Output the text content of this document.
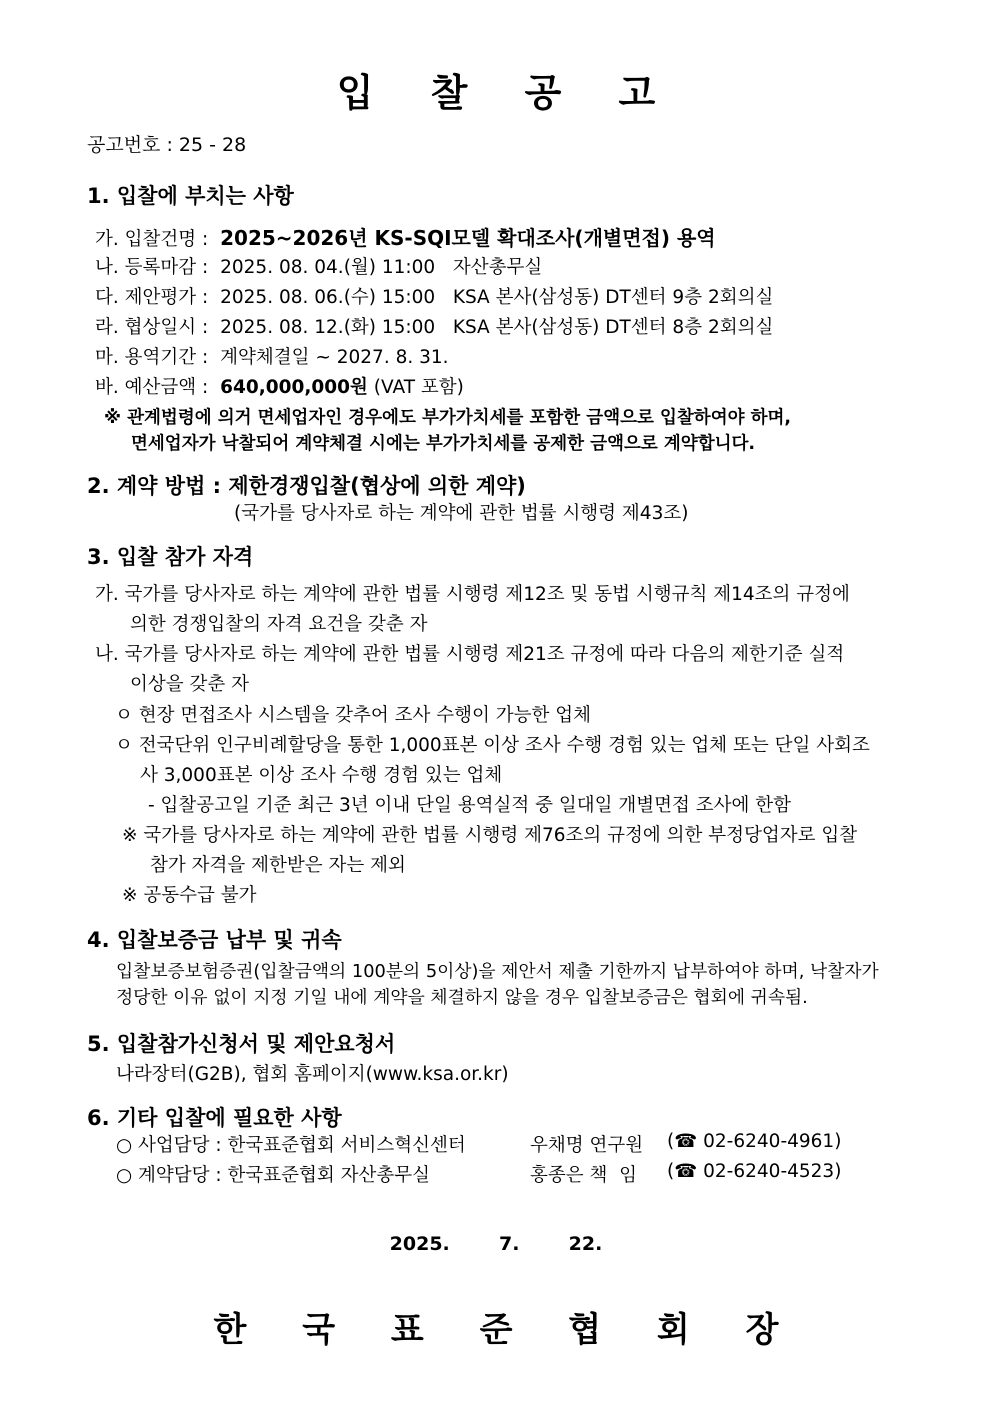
입 찰 공 고
공고번호 : 25 - 28
1. 입찰에 부치는 사항
가. 입찰건명 : 2025~2026년 KS-SQI모델 확대조사(개별면접) 용역
나. 등록마감 : 2025. 08. 04.(월) 11:00   자산총무실
다. 제안평가 : 2025. 08. 06.(수) 15:00   KSA 본사(삼성동) DT센터 9층 2회의실
라. 협상일시 : 2025. 08. 12.(화) 15:00   KSA 본사(삼성동) DT센터 8층 2회의실
마. 용역기간 : 계약체결일 ~ 2027. 8. 31.
바. 예산금액 : 640,000,000원 (VAT 포함)
※ 관계법령에 의거 면세업자인 경우에도 부가가치세를 포함한 금액으로 입찰하여야 하며,
면세업자가 낙찰되어 계약체결 시에는 부가가치세를 공제한 금액으로 계약합니다.
2. 계약 방법 : 제한경쟁입찰(협상에 의한 계약)
(국가를 당사자로 하는 계약에 관한 법률 시행령 제43조)
3. 입찰 참가 자격
가. 국가를 당사자로 하는 계약에 관한 법률 시행령 제12조 및 동법 시행규칙 제14조의 규정에
의한 경쟁입찰의 자격 요건을 갖춘 자
나. 국가를 당사자로 하는 계약에 관한 법률 시행령 제21조 규정에 따라 다음의 제한기준 실적
이상을 갖춘 자
ㅇ 현장 면접조사 시스템을 갖추어 조사 수행이 가능한 업체
ㅇ 전국단위 인구비례할당을 통한 1,000표본 이상 조사 수행 경험 있는 업체 또는 단일 사회조
사 3,000표본 이상 조사 수행 경험 있는 업체
- 입찰공고일 기준 최근 3년 이내 단일 용역실적 중 일대일 개별면접 조사에 한함
※ 국가를 당사자로 하는 계약에 관한 법률 시행령 제76조의 규정에 의한 부정당업자로 입찰
참가 자격을 제한받은 자는 제외
※ 공동수급 불가
4. 입찰보증금 납부 및 귀속
입찰보증보험증권(입찰금액의 100분의 5이상)을 제안서 제출 기한까지 납부하여야 하며, 낙찰자가
정당한 이유 없이 지정 기일 내에 계약을 체결하지 않을 경우 입찰보증금은 협회에 귀속됨.
5. 입찰참가신청서 및 제안요청서
나라장터(G2B), 협회 홈페이지(www.ksa.or.kr)
6. 기타 입찰에 필요한 사항
○ 사업담당 : 한국표준협회 서비스혁신센터	우채명 연구원 (☎ 02-6240-4961)
○ 계약담당 : 한국표준협회 자산총무실	홍종은 책  임 (☎ 02-6240-4523)
2025.  7.  22.
한 국 표 준 협 회 장
